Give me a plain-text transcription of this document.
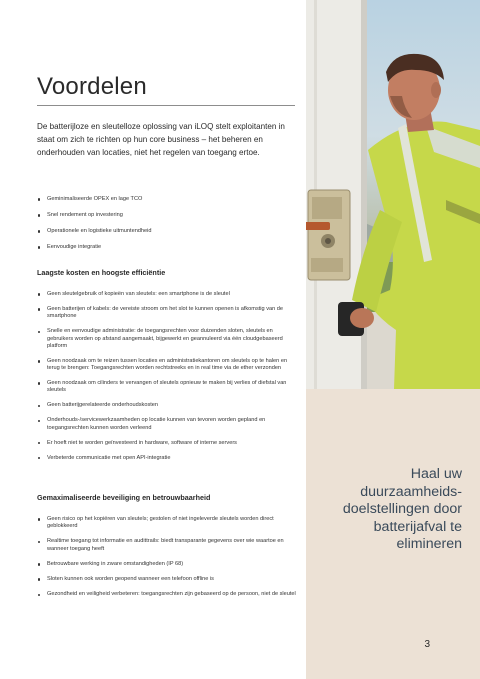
Voordelen

De batterijloze en sleutelloze oplossing van iLOQ stelt exploitanten in staat om zich te richten op hun core business – het beheren en onderhouden van locaties, niet het regelen van toegang ertoe.

Geminimaliseerde OPEX en lage TCO
Snel rendement op investering
Operationele en logistieke uitmuntendheid
Eenvoudige integratie
Laagste kosten en hoogste efficiëntie
Geen sleutelgebruik of kopieën van sleutels: een smartphone is de sleutel
Geen batterijen of kabels: de vereiste stroom om het slot te kunnen openen is afkomstig van de smartphone
Snelle en eenvoudige administratie: de toegangsrechten voor duizenden sloten, sleutels en gebruikers worden op afstand aangemaakt, bijgewerkt en geannuleerd via één cloudgebaseerd platform
Geen noodzaak om te reizen tussen locaties en administratiekantoren om sleutels op te halen en terug te brengen: Toegangsrechten worden rechtstreeks en in real time via de ether verzonden
Geen noodzaak om cilinders te vervangen of sleutels opnieuw te maken bij verlies of diefstal van sleutels
Geen batterijgerelateerde onderhoudskosten
Onderhouds-/servicewerkzaamheden op locatie kunnen van tevoren worden gepland en toegangsrechten kunnen worden verleend
Er hoeft niet te worden geïnvesteerd in hardware, software of interne servers
Verbeterde communicatie met open API-integratie
Gemaximaliseerde beveiliging en betrouwbaarheid
Geen risico op het kopiëren van sleutels; gestolen of niet ingeleverde sleutels worden direct geblokkeerd
Realtime toegang tot informatie en audittrails: biedt transparante gegevens over wie waartoe en wanneer toegang heeft
Betrouwbare werking in zware omstandigheden (IP 68)
Sloten kunnen ook worden geopend wanneer een telefoon offline is
Gezondheid en veiligheid verbeteren: toegangsrechten zijn gebaseerd op de persoon, niet de sleutel
Haal uw duurzaamheids-doelstellingen door batterijafval te elimineren
3
